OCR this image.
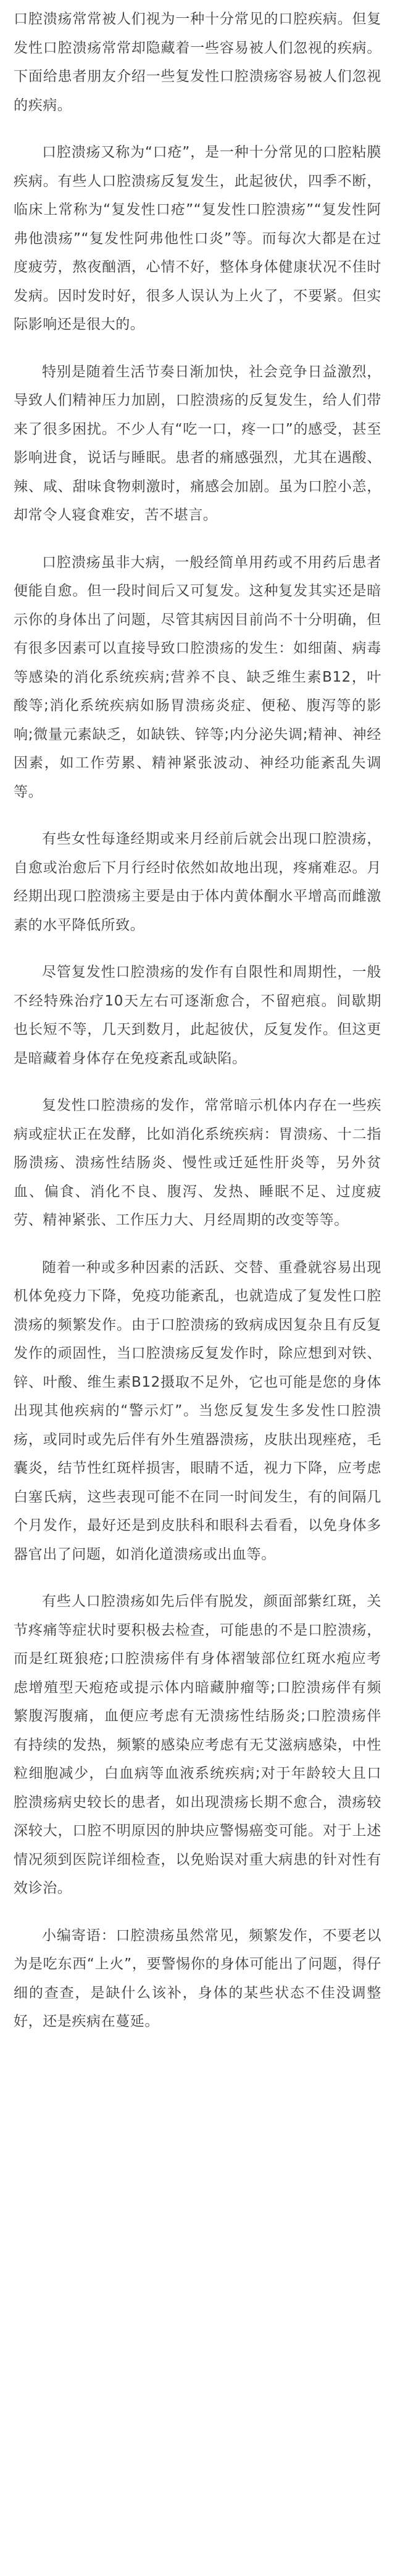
口腔溃疡常常被人们视为一种十分常见的口腔疾病。但复发性口腔溃疡常常却隐藏着一些容易被人们忽视的疾病。下面给患者朋友介绍一些复发性口腔溃疡容易被人们忽视的疾病。

口腔溃疡又称为“口疮”，是一种十分常见的口腔粘膜疾病。有些人口腔溃疡反复发生，此起彼伏，四季不断，临床上常称为“复发性口疮”“复发性口腔溃疡”“复发性阿弗他溃疡”“复发性阿弗他性口炎”等。而每次大都是在过度疲劳，熬夜酗酒，心情不好，整体身体健康状况不佳时发病。因时发时好，很多人误认为上火了，不要紧。但实际影响还是很大的。

特别是随着生活节奏日渐加快，社会竞争日益激烈，导致人们精神压力加剧，口腔溃疡的反复发生，给人们带来了很多困扰。不少人有“吃一口，疼一口”的感受，甚至影响进食，说话与睡眠。患者的痛感强烈，尤其在遇酸、辣、咸、甜味食物刺激时，痛感会加剧。虽为口腔小恙，却常令人寝食难安，苦不堪言。

口腔溃疡虽非大病，一般经简单用药或不用药后患者便能自愈。但一段时间后又可复发。这种复发其实还是暗示你的身体出了问题，尽管其病因目前尚不十分明确，但有很多因素可以直接导致口腔溃疡的发生：如细菌、病毒等感染的消化系统疾病;营养不良、缺乏维生素B12，叶酸等;消化系统疾病如肠胃溃疡炎症、便秘、腹泻等的影响;微量元素缺乏，如缺铁、锌等;内分泌失调;精神、神经因素，如工作劳累、精神紧张波动、神经功能紊乱失调等。

有些女性每逢经期或来月经前后就会出现口腔溃疡，自愈或治愈后下月行经时依然如故地出现，疼痛难忍。月经期出现口腔溃疡主要是由于体内黄体酮水平增高而雌激素的水平降低所致。

尽管复发性口腔溃疡的发作有自限性和周期性，一般不经特殊治疗10天左右可逐渐愈合，不留疤痕。间歇期也长短不等，几天到数月，此起彼伏，反复发作。但这更是暗藏着身体存在免疫紊乱或缺陷。

复发性口腔溃疡的发作，常常暗示机体内存在一些疾病或症状正在发酵，比如消化系统疾病：胃溃疡、十二指肠溃疡、溃疡性结肠炎、慢性或迁延性肝炎等，另外贫血、偏食、消化不良、腹泻、发热、睡眠不足、过度疲劳、精神紧张、工作压力大、月经周期的改变等等。

随着一种或多种因素的活跃、交替、重叠就容易出现机体免疫力下降，免疫功能紊乱，也就造成了复发性口腔溃疡的频繁发作。由于口腔溃疡的致病成因复杂且有反复发作的顽固性，当口腔溃疡反复发作时，除应想到对铁、锌、叶酸、维生素B12摄取不足外，它也可能是您的身体出现其他疾病的“警示灯”。当您反复发生多发性口腔溃疡，或同时或先后伴有外生殖器溃疡，皮肤出现痤疮，毛囊炎，结节性红斑样损害，眼睛不适，视力下降，应考虑白塞氏病，这些表现可能不在同一时间发生，有的间隔几个月发作，最好还是到皮肤科和眼科去看看，以免身体多器官出了问题，如消化道溃疡或出血等。

有些人口腔溃疡如先后伴有脱发，颜面部紫红斑，关节疼痛等症状时要积极去检查，可能患的不是口腔溃疡，而是红斑狼疮;口腔溃疡伴有身体褶皱部位红斑水疱应考虑增殖型天疱疮或提示体内暗藏肿瘤等;口腔溃疡伴有频繁腹泻腹痛，血便应考虑有无溃疡性结肠炎;口腔溃疡伴有持续的发热，频繁的感染应考虑有无艾滋病感染，中性粒细胞减少，白血病等血液系统疾病;对于年龄较大且口腔溃疡病史较长的患者，如出现溃疡长期不愈合，溃疡较深较大，口腔不明原因的肿块应警惕癌变可能。对于上述情况须到医院详细检查，以免贻误对重大病患的针对性有效诊治。

小编寄语：口腔溃疡虽然常见，频繁发作，不要老以为是吃东西“上火”，要警惕你的身体可能出了问题，得仔细的查查，是缺什么该补，身体的某些状态不佳没调整好，还是疾病在蔓延。
